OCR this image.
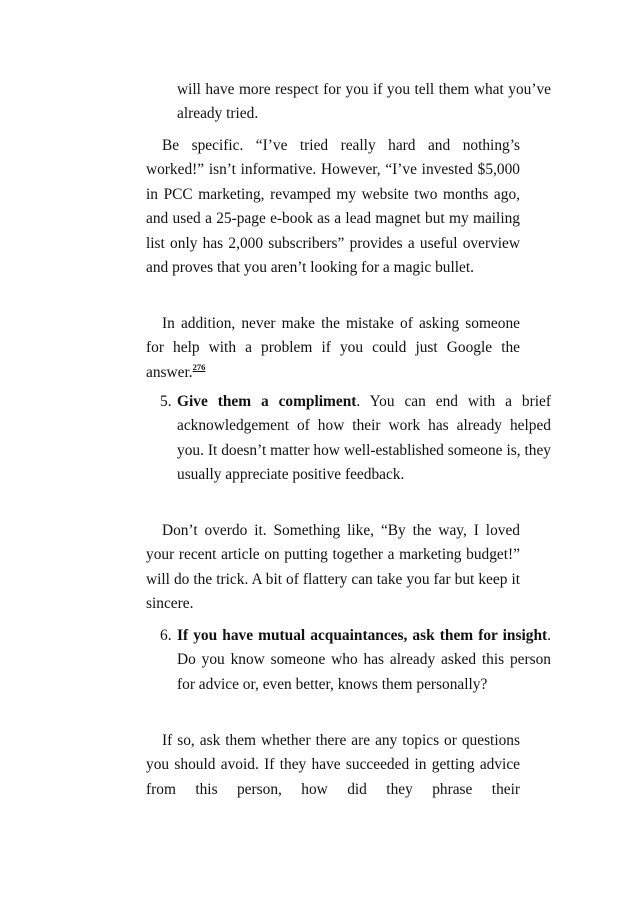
will have more respect for you if you tell them what you’ve already tried.

Be specific. “I’ve tried really hard and nothing’s worked!” isn’t informative. However, “I’ve invested $5,000 in PCC marketing, revamped my website two months ago, and used a 25-page e-book as a lead magnet but my mailing list only has 2,000 subscribers” provides a useful overview and proves that you aren’t looking for a magic bullet.

In addition, never make the mistake of asking someone for help with a problem if you could just Google the answer.$^{276}$

5. Give them a compliment. You can end with a brief acknowledgement of how their work has already helped you. It doesn’t matter how well-established someone is, they usually appreciate positive feedback.

Don’t overdo it. Something like, “By the way, I loved your recent article on putting together a marketing budget!” will do the trick. A bit of flattery can take you far but keep it sincere.

6. If you have mutual acquaintances, ask them for insight. Do you know someone who has already asked this person for advice or, even better, knows them personally?

If so, ask them whether there are any topics or questions you should avoid. If they have succeeded in getting advice from this person, how did they phrase their
